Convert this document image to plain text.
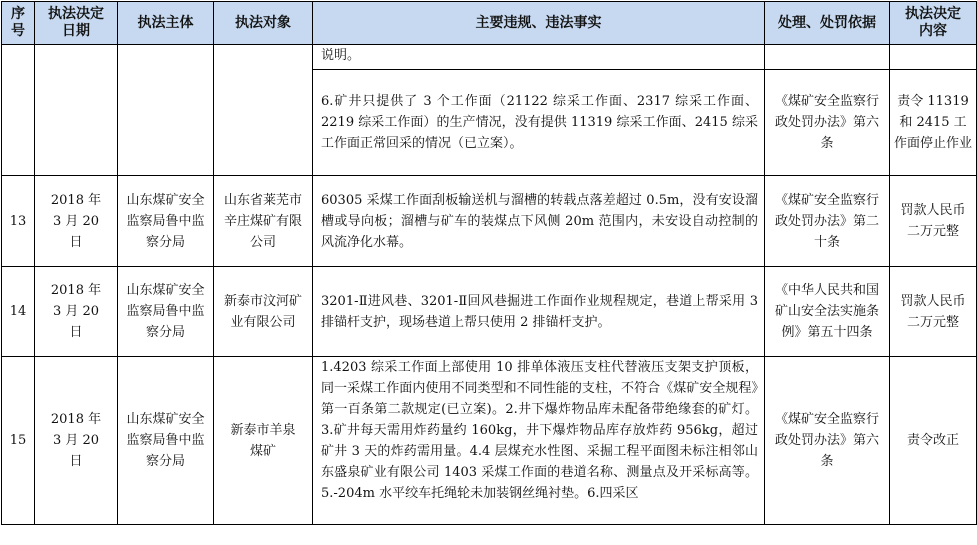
序号	执法决定日期	执法主体	执法对象	主要违规、违法事实	处理、处罚依据	执法决定内容
				说明。		
				6.矿井只提供了 3 个工作面（21122 综采工作面、2317 综采工作面、2219 综采工作面）的生产情况，没有提供 11319 综采工作面、2415 综采工作面正常回采的情况（已立案）。	《煤矿安全监察行政处罚办法》第六条	责令 11319 和 2415 工作面停止作业
13	2018 年 3 月 20 日	山东煤矿安全监察局鲁中监察分局	山东省莱芜市辛庄煤矿有限公司	60305 采煤工作面刮板输送机与溜槽的转载点落差超过 0.5m，没有安设溜槽或导向板；溜槽与矿车的装煤点下风侧 20m 范围内，未安设自动控制的风流净化水幕。	《煤矿安全监察行政处罚办法》第二十条	罚款人民币二万元整
14	2018 年 3 月 20 日	山东煤矿安全监察局鲁中监察分局	新泰市汶河矿业有限公司	3201-Ⅱ进风巷、3201-Ⅱ回风巷掘进工作面作业规程规定，巷道上帮采用 3 排锚杆支护，现场巷道上帮只使用 2 排锚杆支护。	《中华人民共和国矿山安全法实施条例》第五十四条	罚款人民币二万元整
15	2018 年 3 月 20 日	山东煤矿安全监察局鲁中监察分局	新泰市羊泉煤矿	1.4203 综采工作面上部使用 10 排单体液压支柱代替液压支架支护顶板，同一采煤工作面内使用不同类型和不同性能的支柱，不符合《煤矿安全规程》第一百条第二款规定(已立案)。2.井下爆炸物品库未配备带绝缘套的矿灯。3.矿井每天需用炸药量约 160kg，井下爆炸物品库存放炸药 956kg，超过矿井 3 天的炸药需用量。4.4 层煤充水性图、采掘工程平面图未标注相邻山东盛泉矿业有限公司 1403 采煤工作面的巷道名称、测量点及开采标高等。5.-204m 水平绞车托绳轮未加装钢丝绳衬垫。6.四采区	《煤矿安全监察行政处罚办法》第六条	责令改正
